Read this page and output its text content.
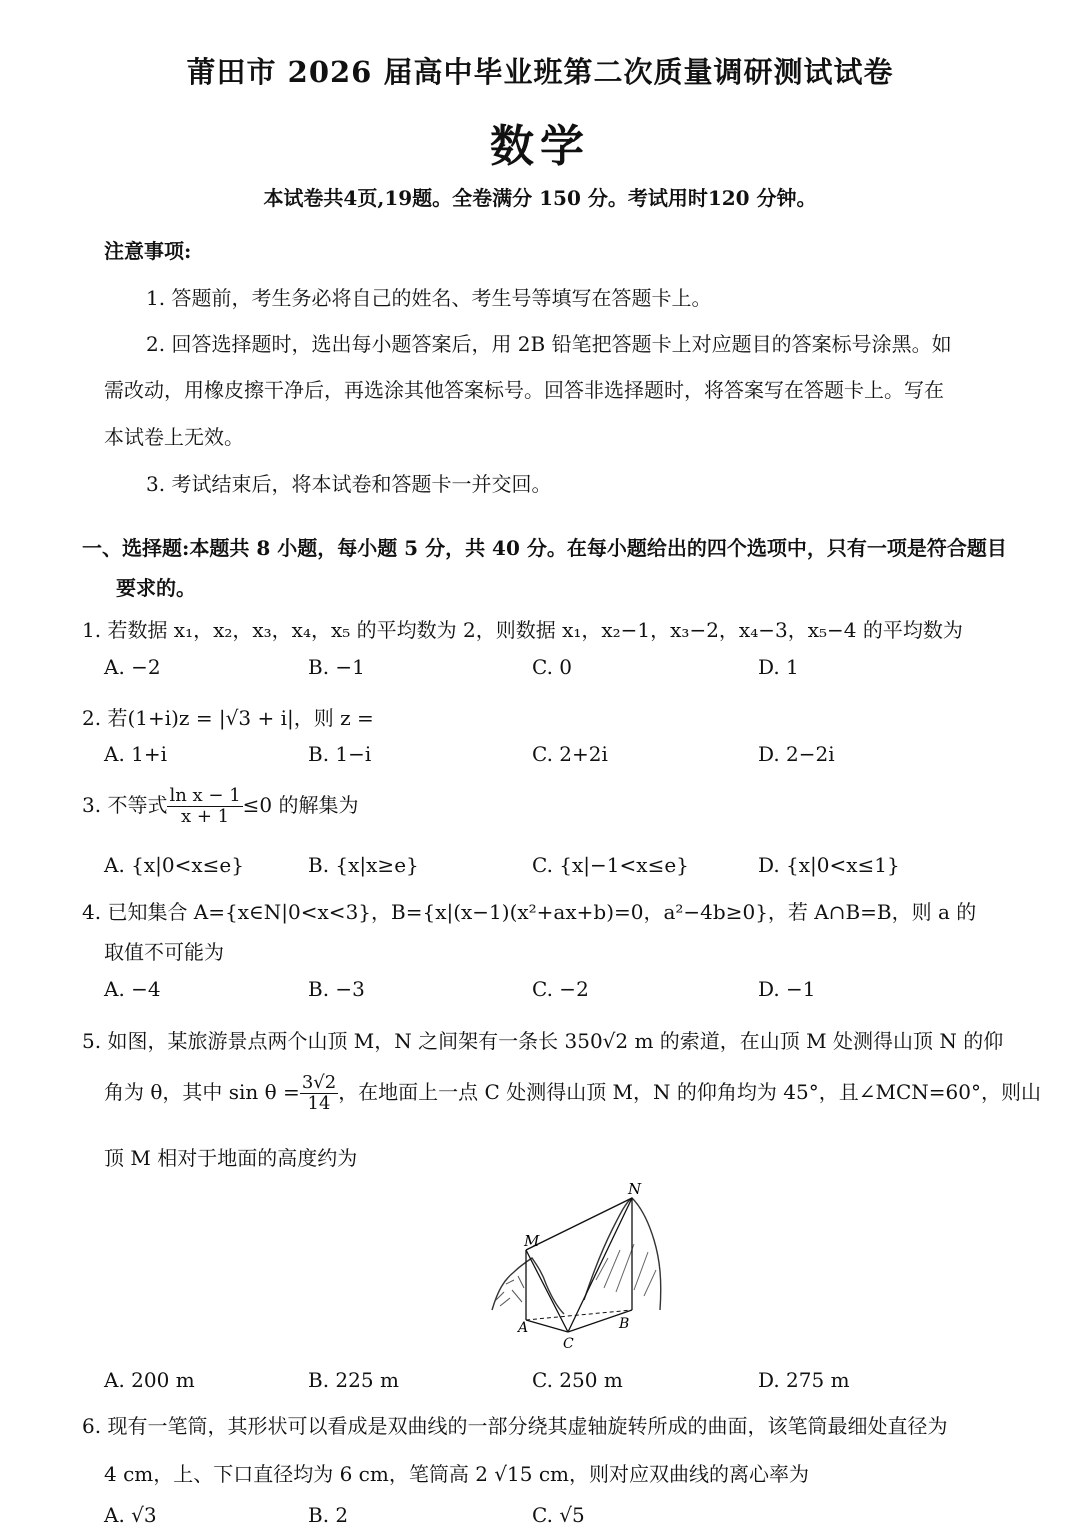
莆田市 2026 届高中毕业班第二次质量调研测试试卷
数学
本试卷共4页,19题。全卷满分 150 分。考试用时120 分钟。
注意事项:
1. 答题前，考生务必将自己的姓名、考生号等填写在答题卡上。
2. 回答选择题时，选出每小题答案后，用 2B 铅笔把答题卡上对应题目的答案标号涂黑。如
需改动，用橡皮擦干净后，再选涂其他答案标号。回答非选择题时，将答案写在答题卡上。写在
本试卷上无效。
3. 考试结束后，将本试卷和答题卡一并交回。
一、选择题:本题共 8 小题，每小题 5 分，共 40 分。在每小题给出的四个选项中，只有一项是符合题目
要求的。
1. 若数据 x₁，x₂，x₃，x₄，x₅ 的平均数为 2，则数据 x₁，x₂−1，x₃−2，x₄−3，x₅−4 的平均数为
A. −2	B. −1	C. 0	D. 1
2. 若(1+i)z = |√3 + i|，则 z =
A. 1+i	B. 1−i	C. 2+2i	D. 2−2i
3. 不等式 $\frac{\text{ln x − 1}}{x + 1} \le 0$ 的解集为
A. {x|0<x≤e}	B. {x|x≥e}	C. {x|−1<x≤e}	D. {x|0<x≤1}
4. 已知集合 A={x∈N|0<x<3}，B={x|(x−1)(x²+ax+b)=0，a²−4b≥0}，若 A∩B=B，则 a 的
取值不可能为
A. −4	B. −3	C. −2	D. −1
5. 如图，某旅游景点两个山顶 M，N 之间架有一条长 350√2 m 的索道，在山顶 M 处测得山顶 N 的仰
角为 θ，其中 $\sin \theta = \frac{3√2}{14}$ ，在地面上一点 C 处测得山顶 M，N 的仰角均为 45°，且∠MCN=60°，则山
顶 M 相对于地面的高度约为
M
N
A	B
C
A. 200 m	B. 225 m	C. 250 m	D. 275 m
6. 现有一笔筒，其形状可以看成是双曲线的一部分绕其虚轴旋转所成的曲面，该笔筒最细处直径为
4 cm，上、下口直径均为 6 cm，笔筒高 2 √15 cm，则对应双曲线的离心率为
A. √3	B. 2	C. √5
